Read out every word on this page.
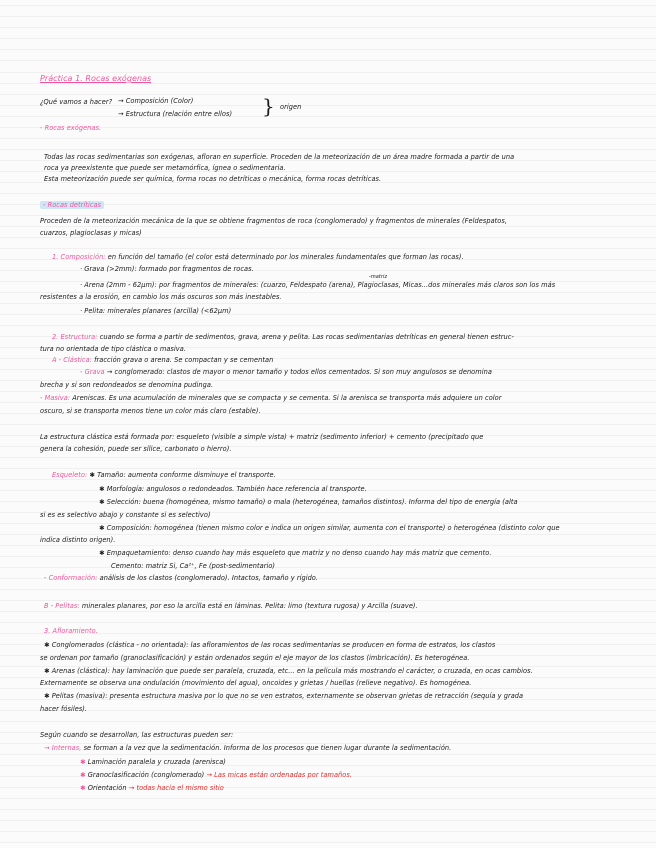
Práctica 1. Rocas exógenas
¿Qué vamos a hacer? → Composición (Color)
→ Estructura (relación entre ellos) } origen
- Rocas exógenas.
Todas las rocas sedimentarias son exógenas, afloran en superficie. Proceden de la meteorización de un área madre formada a partir de una
roca ya preexistente que puede ser metamórfica, ígnea o sedimentaria.
Esta meteorización puede ser química, forma rocas no detríticas o mecánica, forma rocas detríticas.
- Rocas detríticas
Proceden de la meteorización mecánica de la que se obtiene fragmentos de roca (conglomerado) y fragmentos de minerales (Feldespatos,
cuarzos, plagioclasas y micas)
1. Composición: en función del tamaño (el color está determinado por los minerales fundamentales que forman las rocas).
· Grava (>2mm): formado por fragmentos de rocas.
-matriz
· Arena (2mm - 62µm): por fragmentos de minerales: (cuarzo, Feldespato (arena), Plagioclasas, Micas...dos minerales más claros son los más
resistentes a la erosión, en cambio los más oscuros son más inestables.
· Pelita: minerales planares (arcilla) (<62µm)
2. Estructura: cuando se forma a partir de sedimentos, grava, arena y pelita. Las rocas sedimentarias detríticas en general tienen estruc-
tura no orientada de tipo clástica o masiva.
A - Clástica: fracción grava o arena. Se compactan y se cementan
- Grava → conglomerado: clastos de mayor o menor tamaño y todos ellos cementados. Si son muy angulosos se denomina
brecha y si son redondeados se denomina pudinga.
- Masiva: Areniscas. Es una acumulación de minerales que se compacta y se cementa. Si la arenisca se transporta más adquiere un color
oscuro, si se transporta menos tiene un color más claro (estable).
La estructura clástica está formada por: esqueleto (visible a simple vista) + matriz (sedimento inferior) + cemento (precipitado que
genera la cohesión, puede ser sílice, carbonato o hierro).
Esqueleto: ✱ Tamaño: aumenta conforme disminuye el transporte.
✱ Morfología: angulosos o redondeados. También hace referencia al transporte.
✱ Selección: buena (homogénea, mismo tamaño) o mala (heterogénea, tamaños distintos). Informa del tipo de energía (alta
si es es selectivo abajo y constante si es selectivo)
✱ Composición: homogénea (tienen mismo color e indica un origen similar, aumenta con el transporte) o heterogénea (distinto color que
indica distinto origen).
✱ Empaquetamiento: denso cuando hay más esqueleto que matriz y no denso cuando hay más matriz que cemento.
Cemento: matriz Si, Ca²⁺, Fe (post-sedimentario)
- Conformación: análisis de los clastos (conglomerado). Intactos, tamaño y rígido.
B - Pelitas: minerales planares, por eso la arcilla está en láminas. Pelita: limo (textura rugosa) y Arcilla (suave).
3. Afloramiento.
✱ Conglomerados (clástica - no orientada): las afloramientos de las rocas sedimentarias se producen en forma de estratos, los clastos
se ordenan por tamaño (granoclasificación) y están ordenados según el eje mayor de los clastos (imbricación). Es heterogénea.
✱ Arenas (clástica): hay laminación que puede ser paralela, cruzada, etc... en la pelicula más mostrando el carácter, o cruzada, en ocas cambios.
Externamente se observa una ondulación (movimiento del agua), oncoides y grietas / huellas (relieve negativo). Es homogénea.
✱ Pelitas (masiva): presenta estructura masiva por lo que no se ven estratos, externamente se observan grietas de retracción (sequía y grada
hacer fósiles).
Según cuando se desarrollan, las estructuras pueden ser:
→ Internas, se forman a la vez que la sedimentación. Informa de los procesos que tienen lugar durante la sedimentación.
✱ Laminación paralela y cruzada (arenisca)
✱ Granoclasificación (conglomerado) → Las micas están ordenadas por tamaños.
✱ Orientación → todas hacia el mismo sitio
